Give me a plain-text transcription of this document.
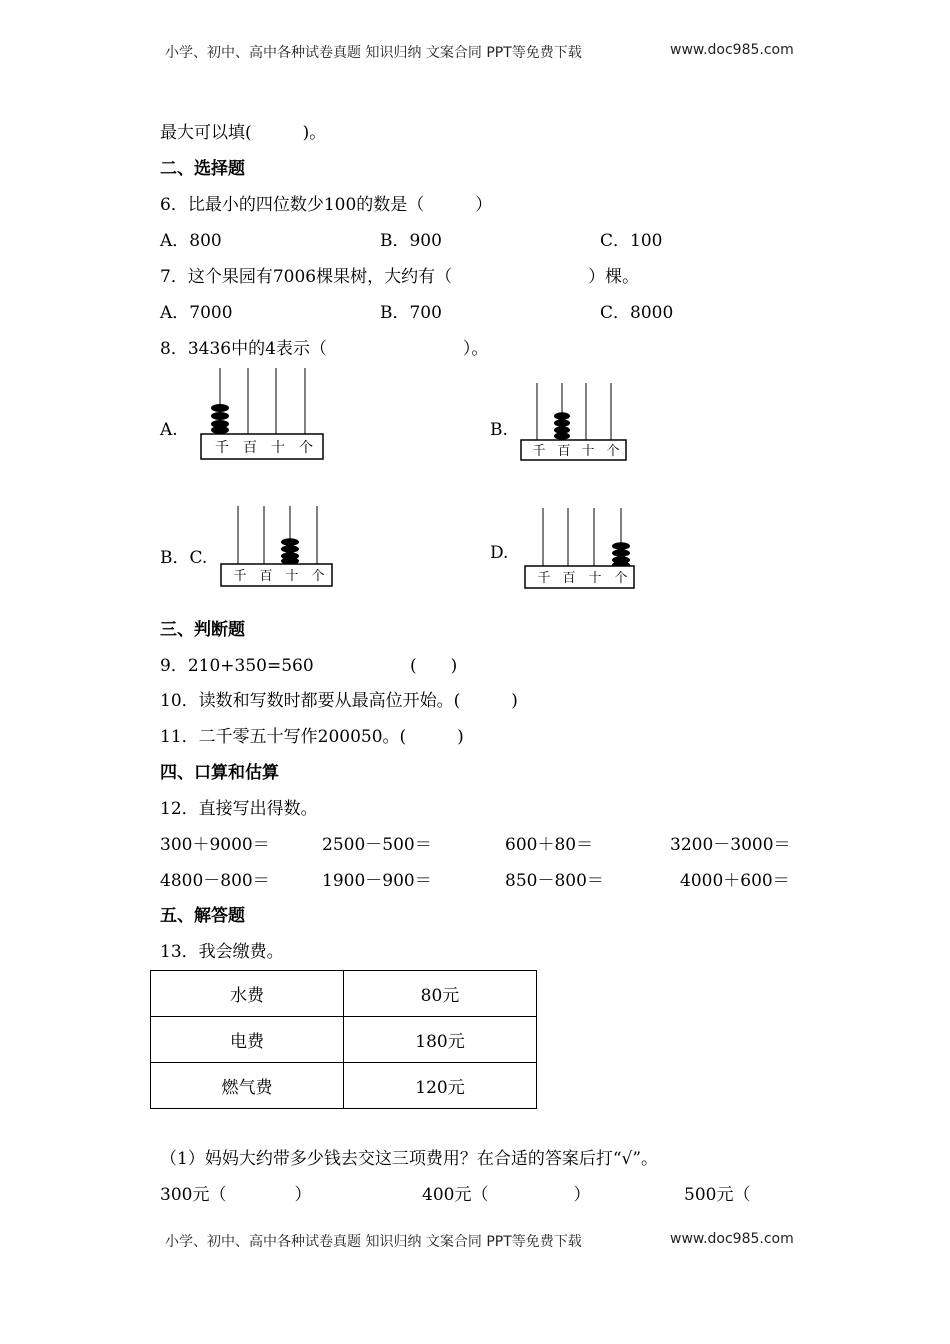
小学、初中、高中各种试卷真题 知识归纳 文案合同 PPT等免费下载	www.doc985.com
最大可以填(　　　)。
二、选择题
6．比最小的四位数少100的数是（　　　）
A．800	B．900	C．100
7．这个果园有7006棵果树，大约有（　　　　　　　　）棵。
A．7000	B．700	C．8000
8．3436中的4表示（　　　　　　　　）。
A.	B.
B．C.	D.
千 百 十 个	千 百 十 个
千 百 十 个	千 百 十 个
三、判断题
9．210+350=560	(　　)
10．读数和写数时都要从最高位开始。(　　　)
11．二千零五十写作200050。(　　　)
四、口算和估算
12．直接写出得数。
300＋9000＝	2500－500＝	600＋80＝	3200－3000＝
4800－800＝	1900－900＝	850－800＝	4000＋600＝
五、解答题
13．我会缴费。
水费	80元
电费	180元
燃气费	120元
（1）妈妈大约带多少钱去交这三项费用？在合适的答案后打“√”。
300元（　　　　）	400元（　　　　　）	500元（
小学、初中、高中各种试卷真题 知识归纳 文案合同 PPT等免费下载	www.doc985.com
